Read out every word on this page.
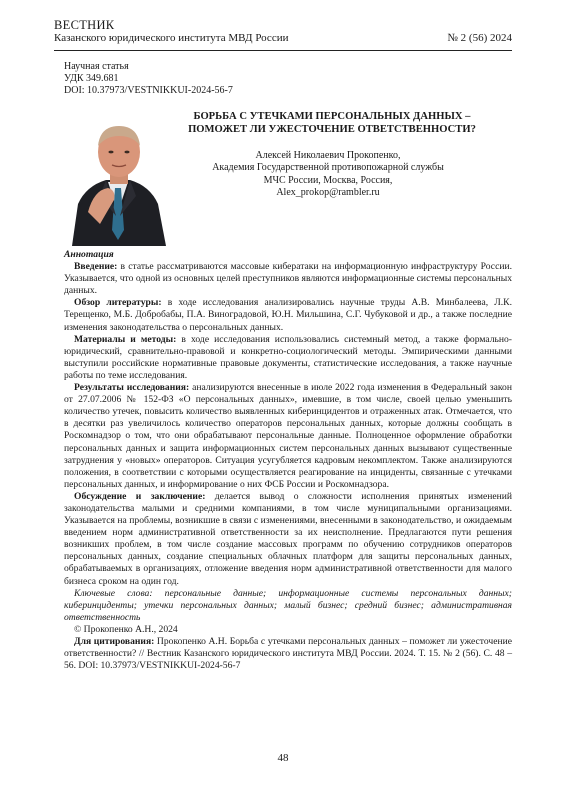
ВЕСТНИК
Казанского юридического института МВД России	№ 2 (56) 2024
Научная статья
УДК 349.681
DOI: 10.37973/VESTNIKKUI-2024-56-7
БОРЬБА С УТЕЧКАМИ ПЕРСОНАЛЬНЫХ ДАННЫХ –
ПОМОЖЕТ ЛИ УЖЕСТОЧЕНИЕ ОТВЕТСТВЕННОСТИ?
Алексей Николаевич Прокопенко,
Академия Государственной противопожарной службы
МЧС России, Москва, Россия,
Alex_prokop@rambler.ru

Аннотация

Введение: в статье рассматриваются массовые кибератаки на информационную инфраструктуру России. Указывается, что одной из основных целей преступников являются информационные системы персональных данных.

Обзор литературы: в ходе исследования анализировались научные труды А.В. Минбалеева, Л.К. Терещенко, М.Б. Добробабы, П.А. Виноградовой, Ю.Н. Мильшина, С.Г. Чубуковой и др., а также последние изменения законодательства о персональных данных.

Материалы и методы: в ходе исследования использовались системный метод, а также формально-юридический, сравнительно-правовой и конкретно-социологический методы. Эмпирическими данными выступили российские нормативные правовые документы, статистические исследования, а также научные работы по теме исследования.

Результаты исследования: анализируются внесенные в июле 2022 года изменения в Федеральный закон от 27.07.2006 № 152-ФЗ «О персональных данных», имевшие, в том числе, своей целью уменьшить количество утечек, повысить количество выявленных киберинцидентов и отраженных атак. Отмечается, что в десятки раз увеличилось количество операторов персональных данных, которые должны сообщать в Роскомнадзор о том, что они обрабатывают персональные данные. Полноценное оформление обработки персональных данных и защита информационных систем персональных данных вызывают существенные затруднения у «новых» операторов. Ситуация усугубляется кадровым некомплектом. Также анализируются положения, в соответствии с которыми осуществляется реагирование на инциденты, связанные с утечками персональных данных, и информирование о них ФСБ России и Роскомнадзора.

Обсуждение и заключение: делается вывод о сложности исполнения принятых изменений законодательства малыми и средними компаниями, в том числе муниципальными организациями. Указывается на проблемы, возникшие в связи с изменениями, внесенными в законодательство, и ожидаемым введением норм административной ответственности за их неисполнение. Предлагаются пути решения возникших проблем, в том числе создание массовых программ по обучению сотрудников операторов персональных данных, создание специальных облачных платформ для защиты персональных данных, обрабатываемых в организациях, отложение введения норм административной ответственности для малого бизнеса сроком на один год.

Ключевые слова: персональные данные; информационные системы персональных данных; киберинциденты; утечки персональных данных; малый бизнес; средний бизнес; административная ответственность

© Прокопенко А.Н., 2024

Для цитирования: Прокопенко А.Н. Борьба с утечками персональных данных – поможет ли ужесточение ответственности? // Вестник Казанского юридического института МВД России. 2024. Т. 15. № 2 (56). С. 48 – 56. DOI: 10.37973/VESTNIKKUI-2024-56-7

48
